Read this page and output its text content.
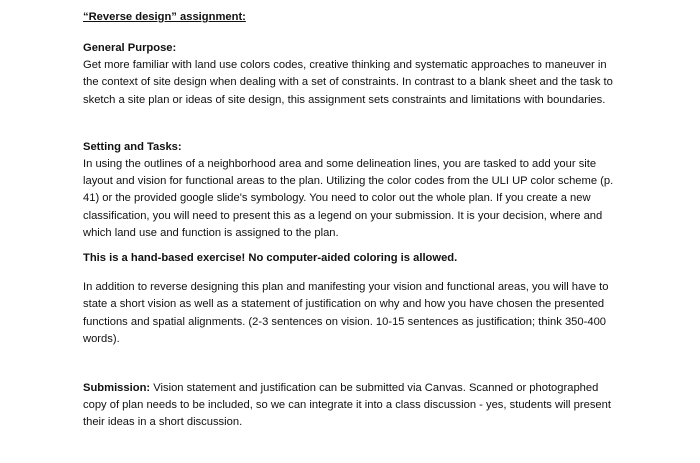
“Reverse design” assignment:

General Purpose:

Get more familiar with land use colors codes, creative thinking and systematic approaches to maneuver in the context of site design when dealing with a set of constraints. In contrast to a blank sheet and the task to sketch a site plan or ideas of site design, this assignment sets constraints and limitations with boundaries.

Setting and Tasks:

In using the outlines of a neighborhood area and some delineation lines, you are tasked to add your site layout and vision for functional areas to the plan. Utilizing the color codes from the ULI UP color scheme (p. 41) or the provided google slide's symbology. You need to color out the whole plan. If you create a new classification, you will need to present this as a legend on your submission. It is your decision, where and which land use and function is assigned to the plan.

This is a hand-based exercise! No computer-aided coloring is allowed.

In addition to reverse designing this plan and manifesting your vision and functional areas, you will have to state a short vision as well as a statement of justification on why and how you have chosen the presented functions and spatial alignments. (2-3 sentences on vision. 10-15 sentences as justification; think 350-400 words).

Submission: Vision statement and justification can be submitted via Canvas. Scanned or photographed copy of plan needs to be included, so we can integrate it into a class discussion - yes, students will present their ideas in a short discussion.
